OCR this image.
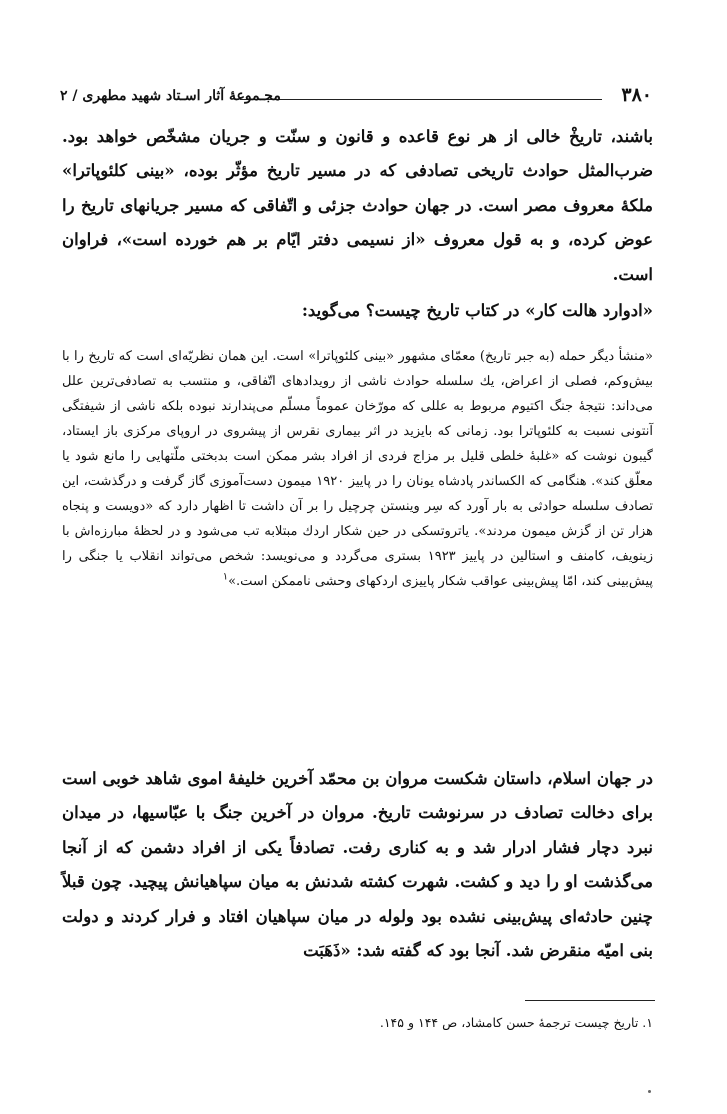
۳۸۰
مجـموعهٔ آثار اسـتاد شهید مطهری / ۲

باشند، تاریخْ خالی از هر نوع قاعده و قانون و سنّت و جریان مشخّص خواهد بود. ضرب‌المثل حوادث تاریخی تصادفی که در مسیر تاریخ مؤثّر بوده، «بینی کلئوپاترا» ملکهٔ معروف مصر است. در جهان حوادث جزئی و اتّفاقی که مسیر جریانهای تاریخ را عوض کرده، و به قول معروف «از نسیمی دفتر ایّام بر هم خورده است»، فراوان است.

«ادوارد هالت کار» در کتاب تاریخ چیست؟ می‌گوید:

«منشأ دیگر حمله (به جبر تاریخ) معمّای مشهور «بینی کلئوپاترا» است. این همان نظریّه‌ای است که تاریخ را با بیش‌وکم، فصلی از اعراض، یك سلسله حوادث ناشی از رویدادهای اتّفاقی، و منتسب به تصادفی‌ترین علل می‌داند: نتیجهٔ جنگ اکتیوم مربوط به عللی که مورّخان عموماً مسلّم می‌پندارند نبوده بلکه ناشی از شیفتگی آنتونی نسبت به کلئوپاترا بود. زمانی که بایزید در اثر بیماری نقرس از پیشروی در اروپای مرکزی باز ایستاد، گیبون نوشت که «غلبهٔ خلطی قلیل بر مزاج فردی از افراد بشر ممکن است بدبختی ملّتهایی را مانع شود یا معلّق کند». هنگامی که الکساندر پادشاه یونان را در پاییز ۱۹۲۰ میمون دست‌آموزی گاز گرفت و درگذشت، این تصادف سلسله حوادثی به بار آورد که سِر وینستن چرچیل را بر آن داشت تا اظهار دارد که «دویست و پنجاه هزار تن از گزش میمون مردند». یاتروتسکی در حین شکار اردك مبتلابه تب می‌شود و در لحظهٔ مبارزه‌اش با زینویف، کامنف و استالین در پاییز ۱۹۲۳ بستری می‌گردد و می‌نویسد: شخص می‌تواند انقلاب یا جنگی را پیش‌بینی کند، امّا پیش‌بینی عواقب شکار پاییزی اردکهای وحشی ناممکن است.»$^۱$

در جهان اسلام، داستان شکست مروان بن محمّد آخرین خلیفهٔ اموی شاهد خوبی است برای دخالت تصادف در سرنوشت تاریخ. مروان در آخرین جنگ با عبّاسیها، در میدان نبرد دچار فشار ادرار شد و به کناری رفت. تصادفاً یکی از افراد دشمن که از آنجا می‌گذشت او را دید و کشت. شهرت کشته شدنش به میان سپاهیانش پیچید. چون قبلاً چنین حادثه‌ای پیش‌بینی نشده بود ولوله در میان سپاهیان افتاد و فرار کردند و دولت بنی امیّه منقرض شد. آنجا بود که گفته شد: «ذَهَبَت

۱. تاریخ چیست ترجمهٔ حسن کامشاد، ص ۱۴۴ و ۱۴۵.
